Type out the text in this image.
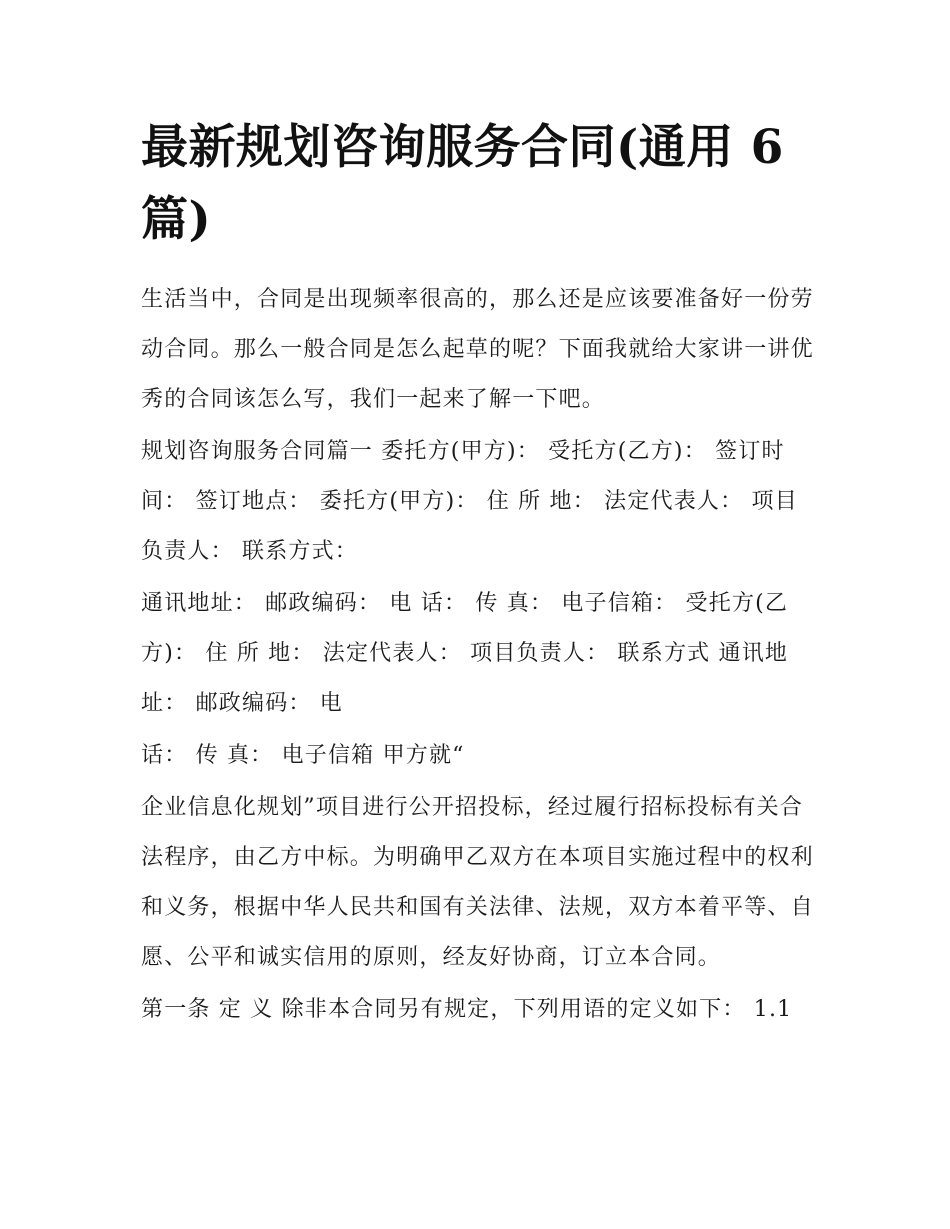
最新规划咨询服务合同(通用 6 篇)

生活当中，合同是出现频率很高的，那么还是应该要准备好一份劳动合同。那么一般合同是怎么起草的呢？下面我就给大家讲一讲优秀的合同该怎么写，我们一起来了解一下吧。

规划咨询服务合同篇一 委托方(甲方)： 受托方(乙方)： 签订时间： 签订地点： 委托方(甲方)： 住 所 地： 法定代表人： 项目负责人： 联系方式：

通讯地址： 邮政编码： 电 话： 传 真： 电子信箱： 受托方(乙方)： 住 所 地： 法定代表人： 项目负责人： 联系方式 通讯地址： 邮政编码： 电

话： 传 真： 电子信箱 甲方就“

企业信息化规划”项目进行公开招投标，经过履行招标投标有关合法程序，由乙方中标。为明确甲乙双方在本项目实施过程中的权利和义务，根据中华人民共和国有关法律、法规，双方本着平等、自愿、公平和诚实信用的原则，经友好协商，订立本合同。

第一条 定 义 除非本合同另有规定，下列用语的定义如下： 1.1
